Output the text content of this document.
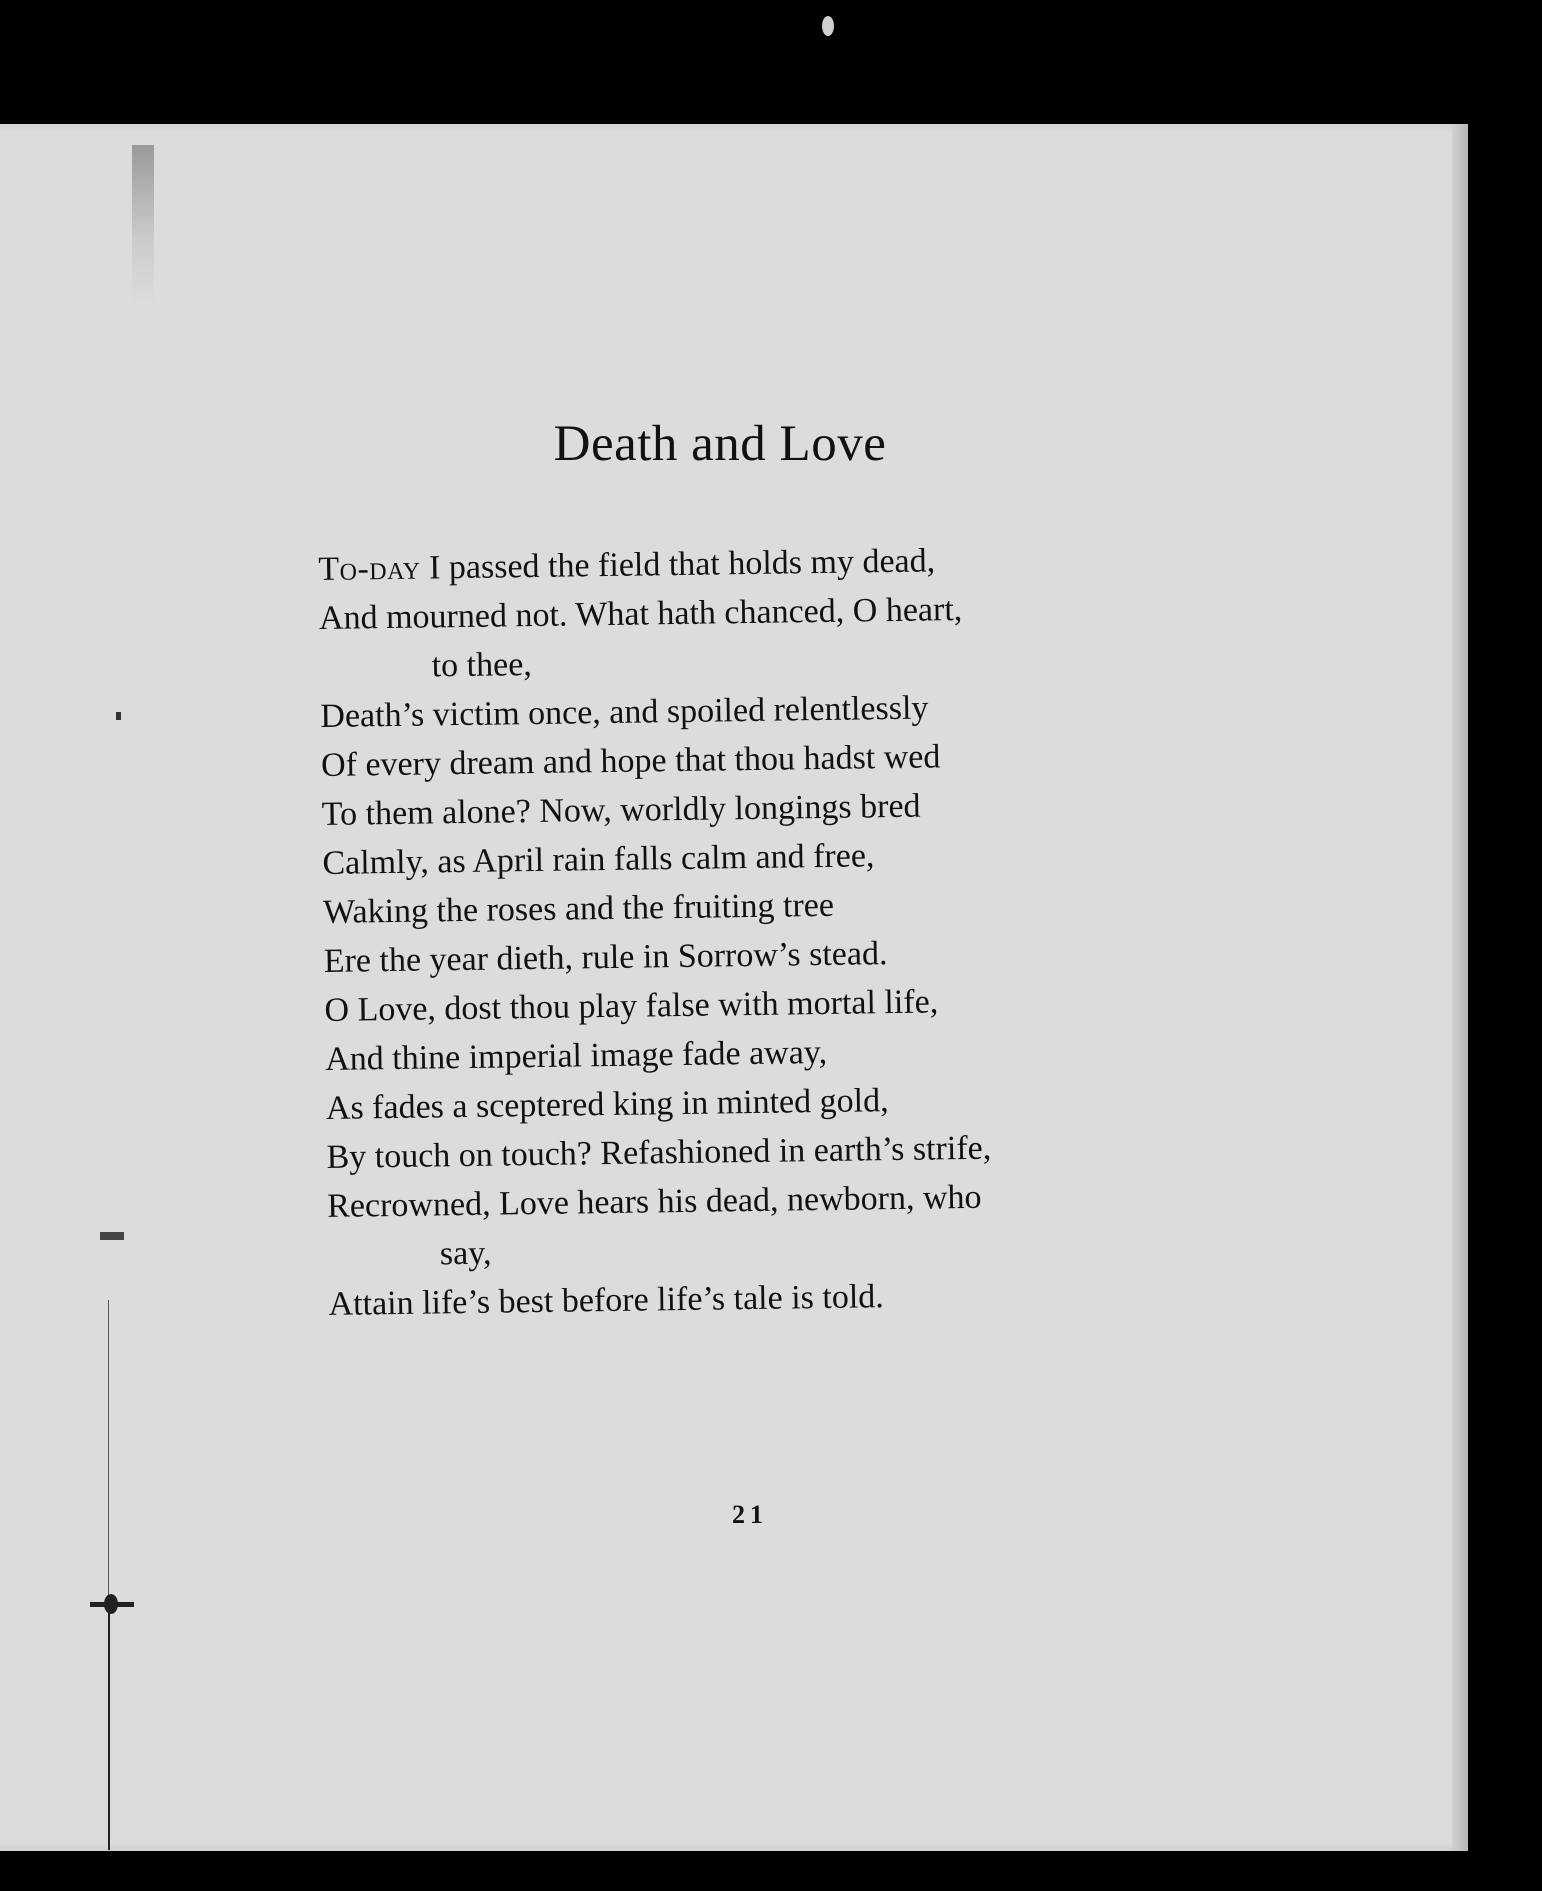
Death and Love
To-day I passed the field that holds my dead,
And mourned not. What hath chanced, O heart,
to thee,
Death’s victim once, and spoiled relentlessly
Of every dream and hope that thou hadst wed
To them alone? Now, worldly longings bred
Calmly, as April rain falls calm and free,
Waking the roses and the fruiting tree
Ere the year dieth, rule in Sorrow’s stead.
O Love, dost thou play false with mortal life,
And thine imperial image fade away,
As fades a sceptered king in minted gold,
By touch on touch? Refashioned in earth’s strife,
Recrowned, Love hears his dead, newborn, who
say,
Attain life’s best before life’s tale is told.
21
